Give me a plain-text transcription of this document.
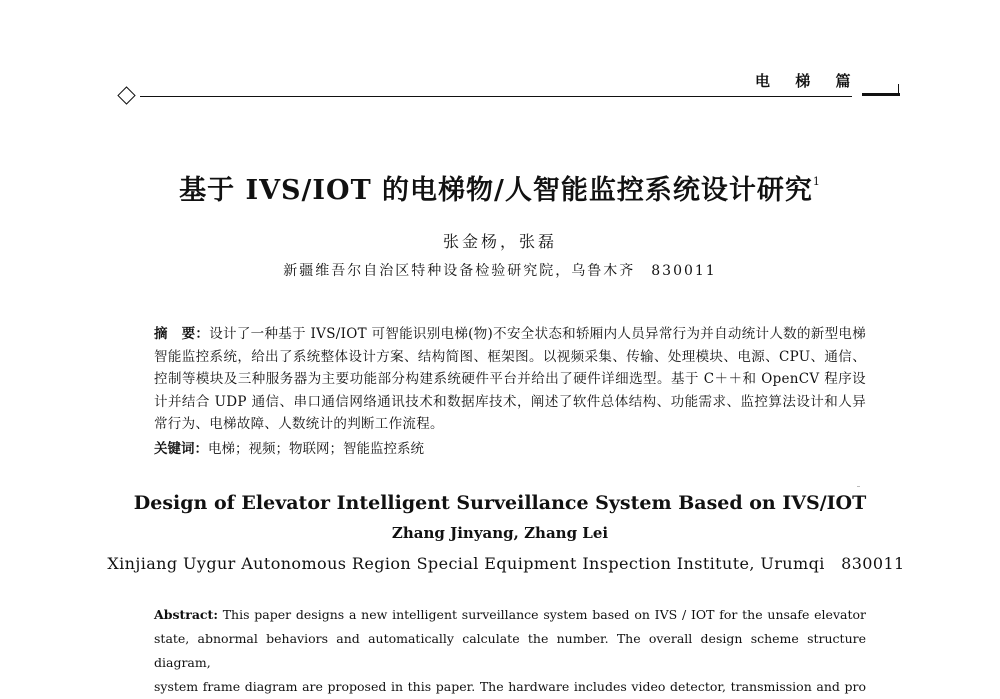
电 梯 篇
基于 IVS/IOT 的电梯物/人智能监控系统设计研究$^1$
张金杨，张磊
新疆维吾尔自治区特种设备检验研究院，乌鲁木齐　830011
摘　要：设计了一种基于 IVS/IOT 可智能识别电梯(物)不安全状态和轿厢内人员异常行为并自动统计人数的新型电梯智能监控系统，给出了系统整体设计方案、结构简图、框架图。以视频采集、传输、处理模块、电源、CPU、通信、控制等模块及三种服务器为主要功能部分构建系统硬件平台并给出了硬件详细选型。基于 C＋＋和 OpenCV 程序设计并结合 UDP 通信、串口通信网络通讯技术和数据库技术，阐述了软件总体结构、功能需求、监控算法设计和人异常行为、电梯故障、人数统计的判断工作流程。
关键词：电梯；视频；物联网；智能监控系统
Design of Elevator Intelligent Surveillance System Based on IVS/IOT
Zhang Jinyang, Zhang Lei
Xinjiang Uygur Autonomous Region Special Equipment Inspection Institute, Urumqi　830011
Abstract: This paper designs a new intelligent surveillance system based on IVS / IOT for the unsafe elevator
state, abnormal behaviors and automatically calculate the number. The overall design scheme structure diagram,
system frame diagram are proposed in this paper. The hardware includes video detector, transmission and pro
